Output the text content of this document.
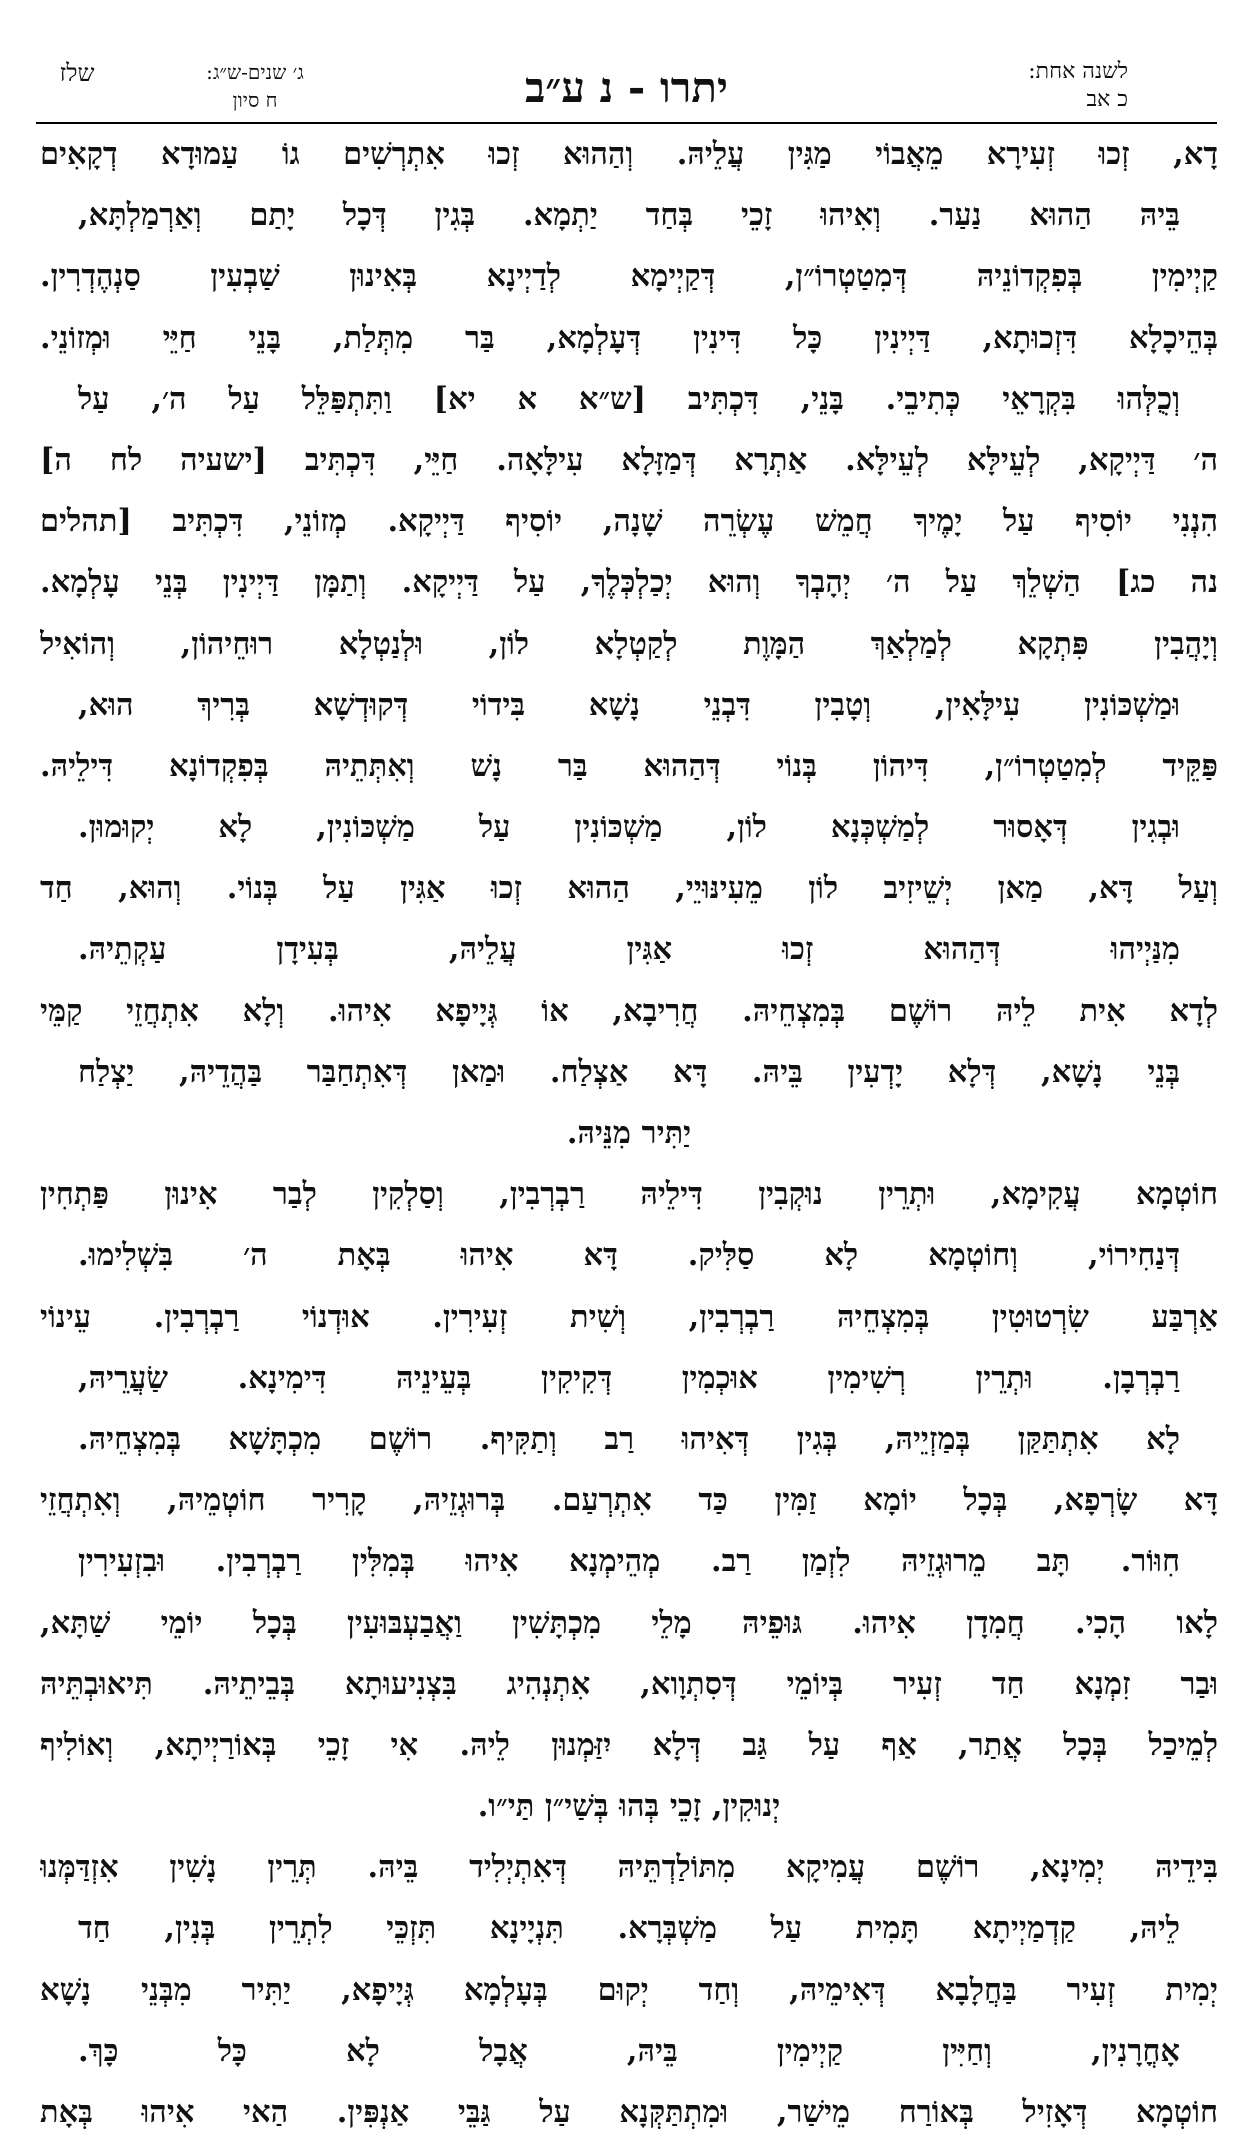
לשנה אחת:
כ אב
יתרו - נ ע״ב
ג׳ שנים-ש״ג:
ח סיון
שלז
דָא, זְכוּ זְעִירָא מֵאֲבוֹי מַגִּין עֲלֵיהּ. וְהַהוּא זְכוּ אִתְרְשִׁים גוֹ עַמוּדָא דְקָאִים
בֵּיהּ הַהוּא נַעַר. וְאִיהוּ זָכֵי בְּחַד יַתְמָא. בְּגִין דְּכָל יָתַם וְאַרְמַלְתָּא,
קַיְימִין בְּפִקְדוֹנֵיהּ דְּמִטַטְרוֹ״ן, דְּקַיְימָא לְדַיְינָא בְּאִינוּן שַׁבְעִין סַנְהֶדְרִין.
בְּהֵיכָלָא דִּזְכוּתָא, דַּיְינִין כָּל דִּינִין דְּעָלְמָא, בַּר מִתְּלַת, בָּנֵי חַיֵּי וּמְזוֹנֵי.
וְכֻלְּהוּ בִּקְרָאֵי כְּתִיבֵי. בָּנֵי, דִּכְתִּיב [ש״א א יא] וַתִּתְפַּלֵּל עַל ה׳, עַל
ה׳ דַּיְיקָא, לְעֵילָּא לְעֵילָּא. אַתְרָא דְּמַזָּלָא עִילָּאָה. חַיֵּי, דִּכְתִּיב [ישעיה לח ה]
הִנְנִי יוֹסִיף עַל יָמֶיךָ חֲמֵשׁ עֶשְׂרֵה שָׁנָה, יוֹסִיף דַּיְיקָא. מְזוֹנֵי, דִּכְתִּיב [תהלים
נה כג] הַשְׁלֵךְ עַל ה׳ יְהָבְךָ וְהוּא יְכַלְכְּלֶךָ, עַל דַּיְיקָא. וְתַמָּן דַּיְינִין בְּנֵי עָלְמָא.
וְיָהֲבִין פִּתְקָא לְמַלְאַךְ הַמָּוֶת לְקַטְלָא לוֹן, וּלְנַטְלָא רוּחֵיהוֹן, וְהוֹאִיל
וּמַשְׁכּוֹנִין עִילָּאִין, וְטָבִין דִּבְנֵי נָשָׁא בִּידוֹי דְּקוּדְשָׁא בְּרִיךְ הוּא,
פַּקֵּיד לְמִטַטְרוֹ״ן, דִּיהוֹן בְּנוֹי דְּהַהוּא בַּר נָשׁ וְאִתְּתֵיהּ בְּפִקְדוֹנָא דִּילֵיהּ.
וּבְגִין דְּאָסוּר לְמַשְׁכְּנָא לוֹן, מַשְׁכּוֹנִין עַל מַשְׁכּוֹנִין, לָא יְקוּמוּן.
וְעַל דָּא, מַאן יְשֵׁיזִיב לוֹן מֵעִינּוּיֵי, הַהוּא זְכוּ אַגִּין עַל בְּנוֹי. וְהוּא, חַד
מִנַּיְיהוּ דְּהַהוּא זְכוּ אַגִּין עֲלֵיהּ, בְּעִידָן עַקְתֵיהּ.
לְדָא אִית לֵיהּ רוֹשֶׁם בְּמִצְחֵיהּ. חֲרִיבָא, אוֹ גְּיָיפָא אִיהוּ. וְלָא אִתְחֲזֵי קַמֵּי
בְּנֵי נָשָׁא, דְּלָא יָדְעִין בֵּיהּ. דָּא אַצְלַח. וּמַאן דְּאִתְחַבַּר בַּהֲדֵיהּ, יַצְלַח
יַתִּיר מִנֵּיהּ.
חוֹטְמָא עֲקִימָא, וּתְרֵין נוּקְבִין דִּילֵיהּ רַבְרְבִין, וְסַלְקִין לְבַר אִינוּן פַּתְחִין
דְּנַחִירוֹי, וְחוֹטְמָא לָא סַלִּיק. דָּא אִיהוּ בְּאָת ה׳ בִּשְׁלִימוּ.
אַרְבַּע שִׂרְטוּטִין בְּמִצְחֵיהּ רַבְרְבִין, וְשִׁית זְעִירִין. אוּדְנוֹי רַבְרְבִין. עֵינוֹי
רַבְרְבָן. וּתְרֵין רְשִׁימִין אוּכְמִין דְּקִיקִין בְּעֵינֵיהּ דִּימִינָא. שַׂעֲרֵיהּ,
לָא אִתְתַּקַּן בְּמַזְיֵיהּ, בְּגִין דְּאִיהוּ רַב וְתַקִּיף. רוֹשֶׁם מִכְתָּשָׁא בְּמִצְחֵיהּ.
דָּא שָׂרְפָא, בְּכָל יוֹמָא זַמִּין כַּד אִתְרְעַם. בְּרוּגְזֵיהּ, קָרִיר חוֹטְמֵיהּ, וְאִתְחֲזֵי
חִוּוֹר. תָּב מֵרוּגְזֵיהּ לִזְמַן רַב. מְהֵימְנָא אִיהוּ בְּמִלִּין רַבְרְבִין. וּבִזְעִירִין
לָאו הָכִי. חֲמִדָן אִיהוּ. גּוּפֵיהּ מָלֵי מִכְתָּשִׁין וַאֲבַעְבּוּעִין בְּכָל יוֹמֵי שַׁתָּא,
וּבַר זִמְנָא חַד זְעִיר בְּיוֹמֵי דְּסִתְוָוא, אִתְנְהִיג בִּצְנִיעוּתָא בְּבֵיתֵיהּ. תִּיאוּבְתֵּיהּ
לְמֵיכַל בְּכָל אֲתַר, אַף עַל גַּב דְּלָא יִזַּמְנוּן לֵיהּ. אִי זָכֵי בְּאוֹרַיְיתָא, וְאוֹלִיף
יְנוּקִין, זָכֵי בְּהוּ בְּשַׁי״ן תַּי״ו.
בִּידֵיהּ יְמִינָא, רוֹשֶׁם עֲמִיקָא מִתּוֹלַדְתֵּיהּ דְּאִתְיְלִיד בֵּיהּ. תְּרֵין נָשִׁין אִזְדַּמְּנוּ
לֵיהּ, קַדְמַיְיתָא תָּמִית עַל מַשְׁבְּרָא. תִּנְיָינָא תִּזְכֵּי לִתְרֵין בְּנִין, חַד
יְמִית זְעִיר בַּחֲלָבָא דְּאִימֵיהּ, וְחַד יְקוּם בְּעָלְמָא גְּיָיפָא, יַתִּיר מִבְּנֵי נָשָׁא
אָחֳרָנִין, וְחַיִּין קַיְימִין בֵּיהּ, אֲבָל לָא כָּל כָּךְ.
חוֹטְמָא דְּאָזִיל בְּאוֹרַח מֵישַׁר, וּמִתְתַּקְּנָא עַל גַּבֵּי אַנְפִּין. הַאי אִיהוּ בְּאָת
